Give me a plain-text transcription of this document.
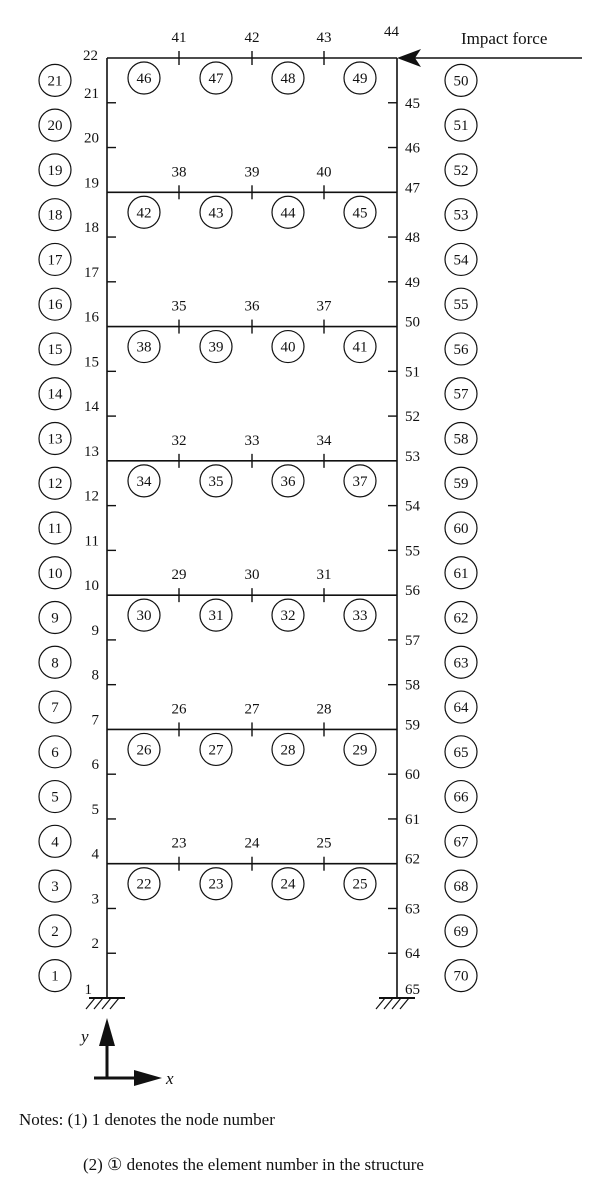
1
2
3
4
5
6
7
8
9
10
11
12
13
14
15
16
17
18
19
20
21
22
65
64
63
62
61
60
59
58
57
56
55
54
53
52
51
50
49
48
47
46
45
44
23	24	25
26	27	28
29	30	31
32	33	34
35	36	37
38	39	40
41	42	43
1
2
3
4
5
6
7
8
9
10
11
12
13
14
15
16
17
18
19
20
21
70
69
68
67
66
65
64
63
62
61
60
59
58
57
56
55
54
53
52
51
50
22	23	24	25
26	27	28	29
30	31	32	33
34	35	36	37
38	39	40	41
42	43	44	45
46	47	48	49
Impact force
y
x
Notes: (1) 1 denotes the node number
(2) ① denotes the element number in the structure
